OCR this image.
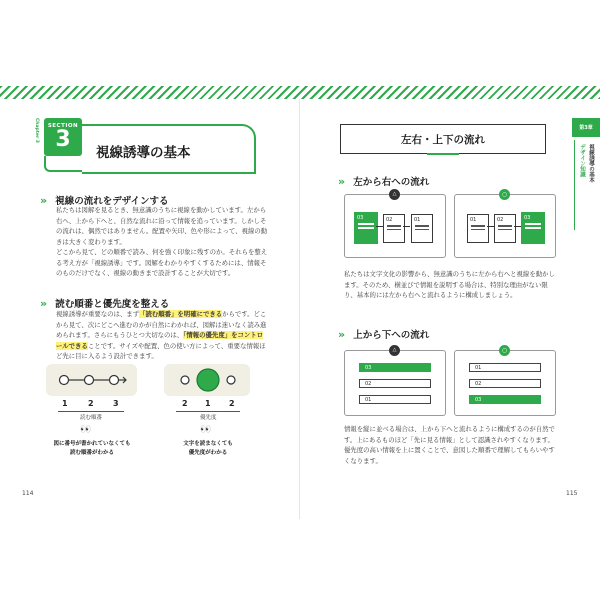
Chapter 3	SECTION
3
視線誘導の基本
» 視線の流れをデザインする
私たちは図解を見るとき、無意識のうちに視線を動かしています。左から右へ、上から下へと、自然な流れに沿って情報を追っています。しかしその流れは、偶然ではありません。配置や矢印、色や形によって、視線の動きは大きく変わります。
どこから見て、どの順番で読み、何を強く印象に残すのか。それらを整える考え方が「視線誘導」です。図解をわかりやすくするためには、情報そのものだけでなく、視線の動きまで設計することが大切です。
» 読む順番と優先度を整える
視線誘導が重要なのは、まず「読む順番」を明確にできるからです。どこから見て、次にどこへ進むのかが自然にわかれば、図解は迷いなく読み進められます。さらにもうひとつ大切なのは、「情報の優先度」をコントロールできることです。サイズや配置、色の使い方によって、重要な情報ほど先に目に入るよう設計できます。
1	2 3
読む順番
👀
図に番号が書かれていなくても
読む順番がわかる
2 1 2
優先度
👀
文字を読まなくても
優先度がわかる
114
左右・上下の流れ
第3章
デザイン知識 視線誘導の基本
» 左から右への流れ
△
03	02	01
○
01	02	03
私たちは文字文化の影響から、無意識のうちに左から右へと視線を動かします。そのため、横並びで情報を説明する場合は、特別な理由がない限り、基本的には左から右へと流れるように構成しましょう。
» 上から下への流れ
△
03
02
01
○
01
02
03
情報を縦に並べる場合は、上から下へと流れるように構成するのが自然です。上にあるものほど「先に見る情報」として認識されやすくなります。優先度の高い情報を上に置くことで、意図した順番で理解してもらいやすくなります。
115
